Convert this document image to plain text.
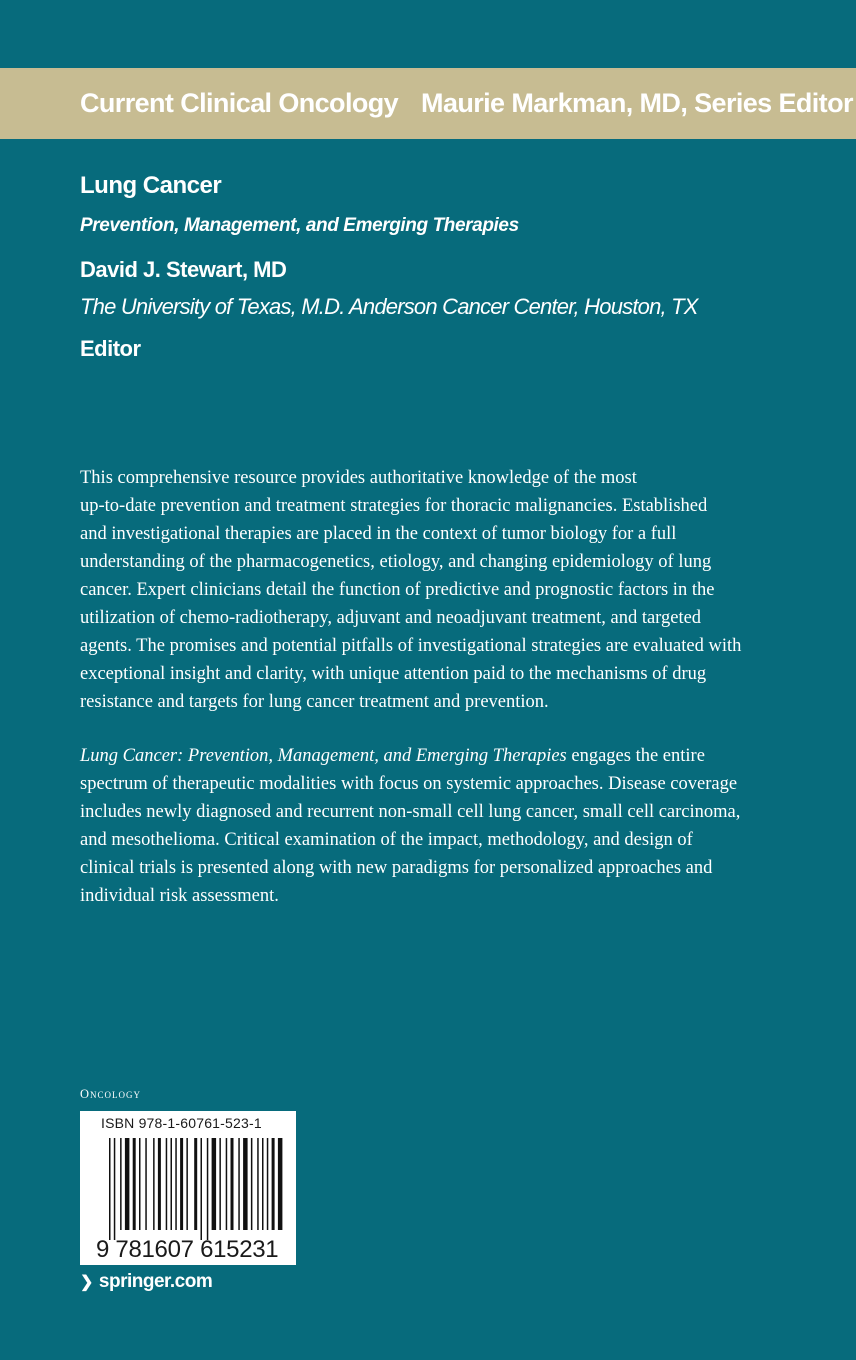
Current Clinical Oncology Maurie Markman, MD, Series Editor
Lung Cancer
Prevention, Management, and Emerging Therapies
David J. Stewart, MD
The University of Texas, M.D. Anderson Cancer Center, Houston, TX
Editor
This comprehensive resource provides authoritative knowledge of the most
up-to-date prevention and treatment strategies for thoracic malignancies. Established
and investigational therapies are placed in the context of tumor biology for a full
understanding of the pharmacogenetics, etiology, and changing epidemiology of lung
cancer. Expert clinicians detail the function of predictive and prognostic factors in the
utilization of chemo-radiotherapy, adjuvant and neoadjuvant treatment, and targeted
agents. The promises and potential pitfalls of investigational strategies are evaluated with
exceptional insight and clarity, with unique attention paid to the mechanisms of drug
resistance and targets for lung cancer treatment and prevention.
Lung Cancer: Prevention, Management, and Emerging Therapies engages the entire
spectrum of therapeutic modalities with focus on systemic approaches. Disease coverage
includes newly diagnosed and recurrent non-small cell lung cancer, small cell carcinoma,
and mesothelioma. Critical examination of the impact, methodology, and design of
clinical trials is presented along with new paradigms for personalized approaches and
individual risk assessment.
Oncology
ISBN 978-1-60761-523-1
9 781607 615231
❯ springer.com
